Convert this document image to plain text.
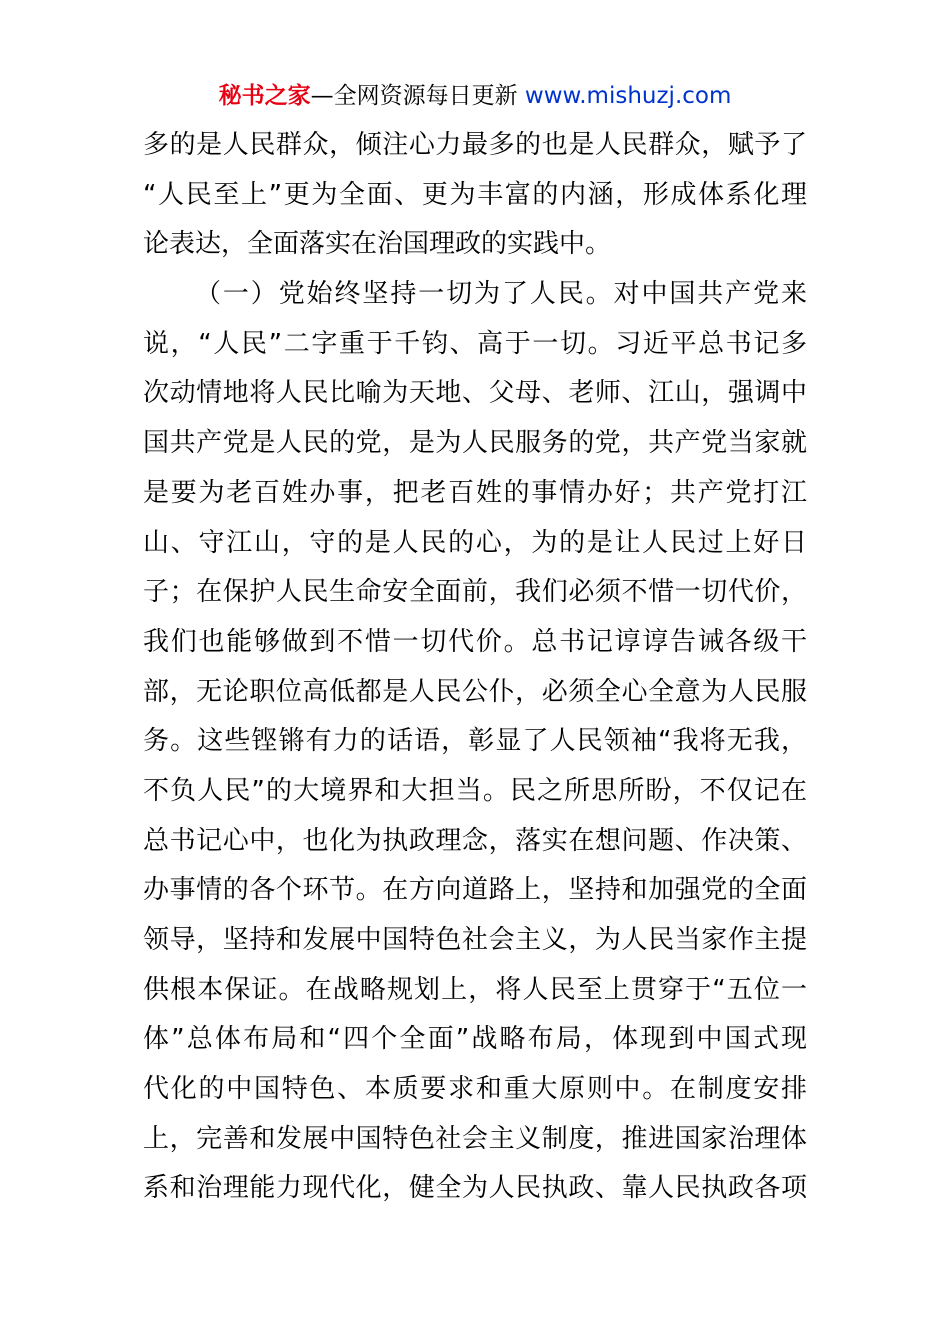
秘书之家—全网资源每日更新 www.mishuzj.com
多的是人民群众，倾注心力最多的也是人民群众，赋予了
“人民至上”更为全面、更为丰富的内涵，形成体系化理
论表达，全面落实在治国理政的实践中。
（一）党始终坚持一切为了人民。对中国共产党来
说，“人民”二字重于千钧、高于一切。习近平总书记多
次动情地将人民比喻为天地、父母、老师、江山，强调中
国共产党是人民的党，是为人民服务的党，共产党当家就
是要为老百姓办事，把老百姓的事情办好；共产党打江
山、守江山，守的是人民的心，为的是让人民过上好日
子；在保护人民生命安全面前，我们必须不惜一切代价，
我们也能够做到不惜一切代价。总书记谆谆告诫各级干
部，无论职位高低都是人民公仆，必须全心全意为人民服
务。这些铿锵有力的话语，彰显了人民领袖“我将无我，
不负人民”的大境界和大担当。民之所思所盼，不仅记在
总书记心中，也化为执政理念，落实在想问题、作决策、
办事情的各个环节。在方向道路上，坚持和加强党的全面
领导，坚持和发展中国特色社会主义，为人民当家作主提
供根本保证。在战略规划上，将人民至上贯穿于“五位一
体”总体布局和“四个全面”战略布局，体现到中国式现
代化的中国特色、本质要求和重大原则中。在制度安排
上，完善和发展中国特色社会主义制度，推进国家治理体
系和治理能力现代化，健全为人民执政、靠人民执政各项
